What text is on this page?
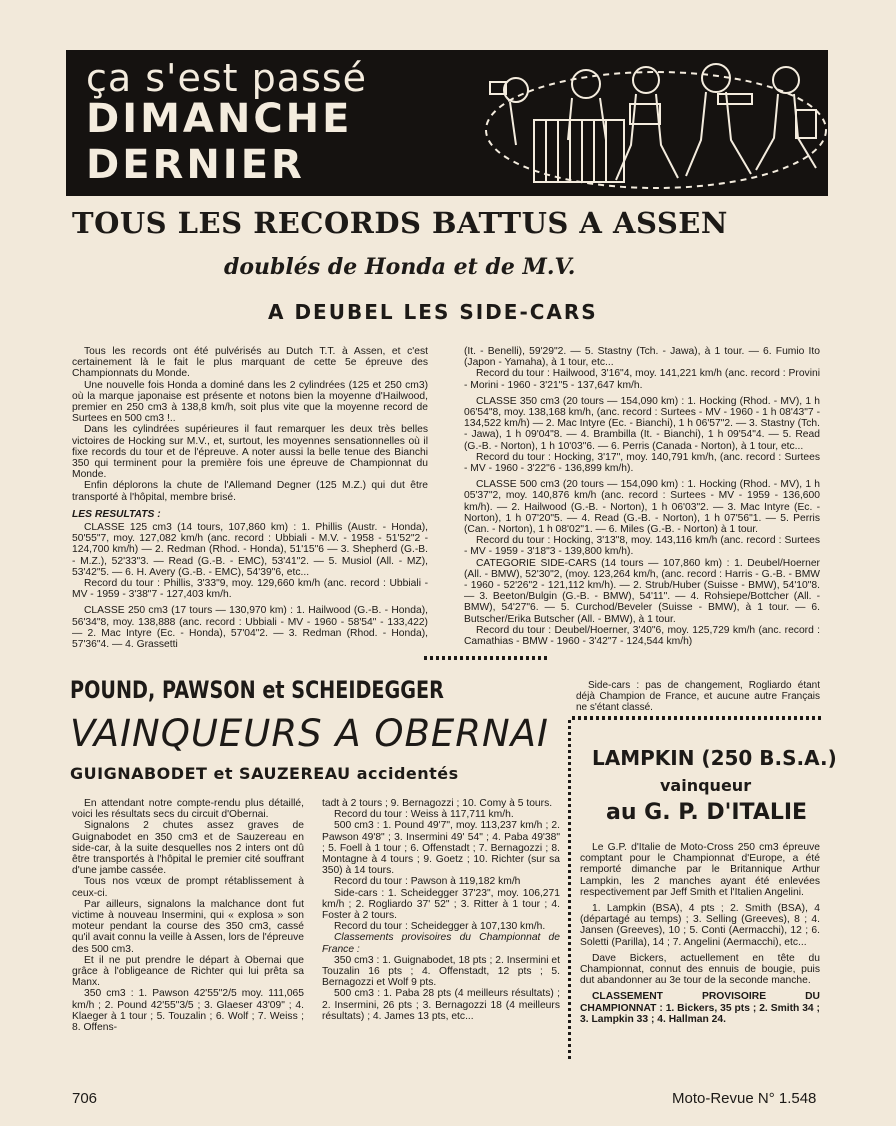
ça s'est passé
DIMANCHE
DERNIER
TOUS LES RECORDS BATTUS A ASSEN
doublés de Honda et de M.V.
A DEUBEL LES SIDE-CARS

Tous les records ont été pulvérisés au Dutch T.T. à Assen, et c'est certainement là le fait le plus marquant de cette 5e épreuve des Championnats du Monde.

Une nouvelle fois Honda a dominé dans les 2 cylindrées (125 et 250 cm3) où la marque japonaise est présente et notons bien la moyenne d'Hailwood, premier en 250 cm3 à 138,8 km/h, soit plus vite que la moyenne record de Surtees en 500 cm3 !..

Dans les cylindrées supérieures il faut remarquer les deux très belles victoires de Hocking sur M.V., et, surtout, les moyennes sensationnelles où il fixe records du tour et de l'épreuve. A noter aussi la belle tenue des Bianchi 350 qui terminent pour la première fois une épreuve de Championnat du Monde.

Enfin déplorons la chute de l'Allemand Degner (125 M.Z.) qui dut être transporté à l'hôpital, membre brisé.

LES RESULTATS :

CLASSE 125 cm3 (14 tours, 107,860 km) : 1. Phillis (Austr. - Honda), 50'55"7, moy. 127,082 km/h (anc. record : Ubbiali - M.V. - 1958 - 51'52"2 - 124,700 km/h) — 2. Redman (Rhod. - Honda), 51'15"6 — 3. Shepherd (G.-B. - M.Z.), 52'33"3. — Read (G.-B. - EMC), 53'41"2. — 5. Musiol (All. - MZ), 53'42"5. — 6. H. Avery (G.-B. - EMC), 54'39"6, etc...

Record du tour : Phillis, 3'33"9, moy. 129,660 km/h (anc. record : Ubbiali - MV - 1959 - 3'38"7 - 127,403 km/h.

CLASSE 250 cm3 (17 tours — 130,970 km) : 1. Hailwood (G.-B. - Honda), 56'34"8, moy. 138,888 (anc. record : Ubbiali - MV - 1960 - 58'54" - 133,422) — 2. Mac Intyre (Ec. - Honda), 57'04"2. — 3. Redman (Rhod. - Honda), 57'36"4. — 4. Grassetti

(It. - Benelli), 59'29"2. — 5. Stastny (Tch. - Jawa), à 1 tour. — 6. Fumio Ito (Japon - Yamaha), à 1 tour, etc...

Record du tour : Hailwood, 3'16"4, moy. 141,221 km/h (anc. record : Provini - Morini - 1960 - 3'21"5 - 137,647 km/h.

CLASSE 350 cm3 (20 tours — 154,090 km) : 1. Hocking (Rhod. - MV), 1 h 06'54"8, moy. 138,168 km/h, (anc. record : Surtees - MV - 1960 - 1 h 08'43"7 - 134,522 km/h) — 2. Mac Intyre (Ec. - Bianchi), 1 h 06'57"2. — 3. Stastny (Tch. - Jawa), 1 h 09'04"8. — 4. Brambilla (It. - Bianchi), 1 h 09'54"4. — 5. Read (G.-B. - Norton), 1 h 10'03"6. — 6. Perris (Canada - Norton), à 1 tour, etc...

Record du tour : Hocking, 3'17", moy. 140,791 km/h, (anc. record : Surtees - MV - 1960 - 3'22"6 - 136,899 km/h).

CLASSE 500 cm3 (20 tours — 154,090 km) : 1. Hocking (Rhod. - MV), 1 h 05'37"2, moy. 140,876 km/h (anc. record : Surtees - MV - 1959 - 136,600 km/h). — 2. Hailwood (G.-B. - Norton), 1 h 06'03"2. — 3. Mac Intyre (Ec. - Norton), 1 h 07'20"5. — 4. Read (G.-B. - Norton), 1 h 07'56"1. — 5. Perris (Can. - Norton), 1 h 08'02"1. — 6. Miles (G.-B. - Norton) à 1 tour.

Record du tour : Hocking, 3'13"8, moy. 143,116 km/h (anc. record : Surtees - MV - 1959 - 3'18"3 - 139,800 km/h).

CATEGORIE SIDE-CARS (14 tours — 107,860 km) : 1. Deubel/Hoerner (All. - BMW), 52'30"2, (moy. 123,264 km/h, (anc. record : Harris - G.-B. - BMW - 1960 - 52'26"2 - 121,112 km/h). — 2. Strub/Huber (Suisse - BMW), 54'10"8. — 3. Beeton/Bulgin (G.-B. - BMW), 54'11". — 4. Rohsiepe/Bottcher (All. - BMW), 54'27"6. — 5. Curchod/Beveler (Suisse - BMW), à 1 tour. — 6. Butscher/Erika Butscher (All. - BMW), à 1 tour.

Record du tour : Deubel/Hoerner, 3'40"6, moy. 125,729 km/h (anc. record : Camathias - BMW - 1960 - 3'42"7 - 124,544 km/h)

POUND, PAWSON et SCHEIDEGGER
VAINQUEURS A OBERNAI
GUIGNABODET et SAUZEREAU accidentés

Side-cars : pas de changement, Rogliardo étant déjà Champion de France, et aucune autre Français ne s'étant classé.

En attendant notre compte-rendu plus détaillé, voici les résultats secs du circuit d'Obernai.

Signalons 2 chutes assez graves de Guignabodet en 350 cm3 et de Sauzereau en side-car, à la suite desquelles nos 2 inters ont dû être transportés à l'hôpital le premier cité souffrant d'une jambe cassée.

Tous nos vœux de prompt rétablissement à ceux-ci.

Par ailleurs, signalons la malchance dont fut victime à nouveau Insermini, qui « explosa » son moteur pendant la course des 350 cm3, cassé qu'il avait connu la veille à Assen, lors de l'épreuve des 500 cm3.

Et il ne put prendre le départ à Obernai que grâce à l'obligeance de Richter qui lui prêta sa Manx.

350 cm3 : 1. Pawson 42'55"2/5 moy. 111,065 km/h ; 2. Pound 42'55"3/5 ; 3. Glaeser 43'09" ; 4. Klaeger à 1 tour ; 5. Touzalin ; 6. Wolf ; 7. Weiss ; 8. Offens-

tadt à 2 tours ; 9. Bernagozzi ; 10. Comy à 5 tours.

Record du tour : Weiss à 117,711 km/h.

500 cm3 : 1. Pound 49'7", moy. 113,237 km/h ; 2. Pawson 49'8" ; 3. Insermini 49' 54" ; 4. Paba 49'38" ; 5. Foell à 1 tour ; 6. Offenstadt ; 7. Bernagozzi ; 8. Montagne à 4 tours ; 9. Goetz ; 10. Richter (sur sa 350) à 14 tours.

Record du tour : Pawson à 119,182 km/h

Side-cars : 1. Scheidegger 37'23", moy. 106,271 km/h ; 2. Rogliardo 37' 52" ; 3. Ritter à 1 tour ; 4. Foster à 2 tours.

Record du tour : Scheidegger à 107,130 km/h.

Classements provisoires du Championnat de France :

350 cm3 : 1. Guignabodet, 18 pts ; 2. Insermini et Touzalin 16 pts ; 4. Offenstadt, 12 pts ; 5. Bernagozzi et Wolf 9 pts.

500 cm3 : 1. Paba 28 pts (4 meilleurs résultats) ; 2. Insermini, 26 pts ; 3. Bernagozzi 18 (4 meilleurs résultats) ; 4. James 13 pts, etc...

LAMPKIN (250 B.S.A.)
vainqueur
au G. P. D'ITALIE

Le G.P. d'Italie de Moto-Cross 250 cm3 épreuve comptant pour le Championnat d'Europe, a été remporté dimanche par le Britannique Arthur Lampkin, les 2 manches ayant été enlevées respectivement par Jeff Smith et l'Italien Angelini.

1. Lampkin (BSA), 4 pts ; 2. Smith (BSA), 4 (départagé au temps) ; 3. Selling (Greeves), 8 ; 4. Jansen (Greeves), 10 ; 5. Conti (Aermacchi), 12 ; 6. Soletti (Parilla), 14 ; 7. Angelini (Aermacchi), etc...

Dave Bickers, actuellement en tête du Championnat, connut des ennuis de bougie, puis dut abandonner au 3e tour de la seconde manche.

CLASSEMENT PROVISOIRE DU CHAMPIONNAT : 1. Bickers, 35 pts ; 2. Smith 34 ; 3. Lampkin 33 ; 4. Hallman 24.

706	Moto-Revue N° 1.548
